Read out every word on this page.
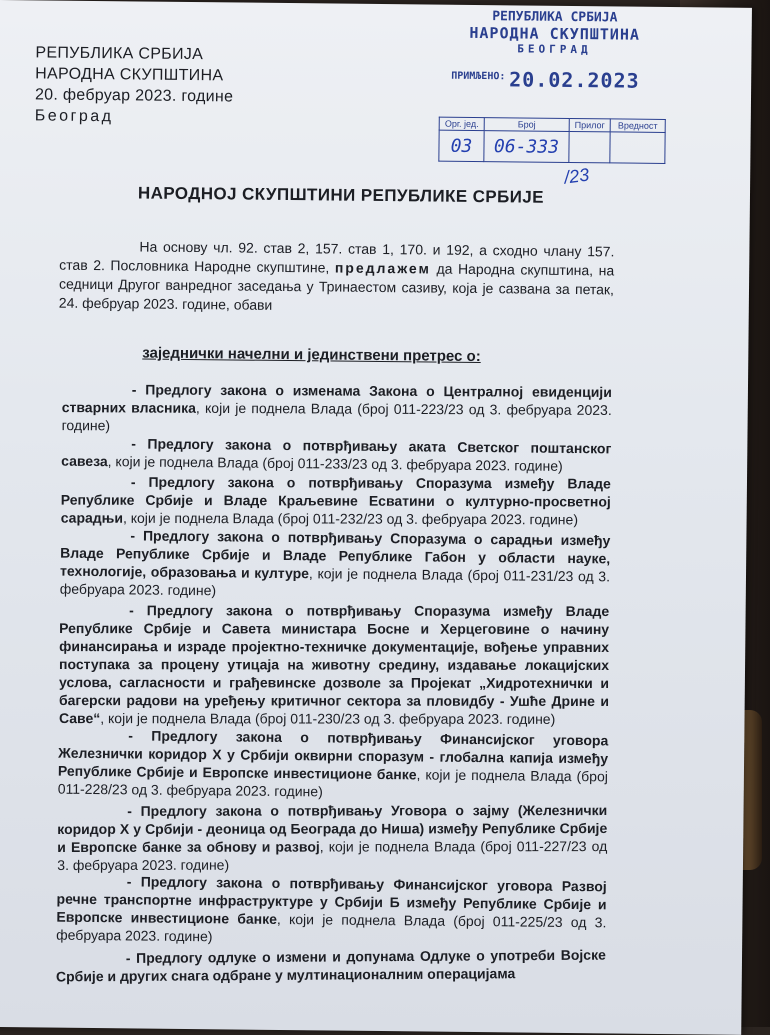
РЕПУБЛИКА СРБИЈА
НАРОДНА СКУПШТИНА
20. фебруар 2023. године
Београд
РЕПУБЛИКА СРБИЈА
НАРОДНА СКУПШТИНА
БЕОГРАД
ПРИМЉЕНО: 20.02.2023
Орг. јед.	Број	Прилог	Вредност
03	06-333		
/23
НАРОДНОЈ СКУПШТИНИ РЕПУБЛИКЕ СРБИЈЕ
На основу чл. 92. став 2, 157. став 1, 170. и 192, а сходно члану 157. став 2. Пословника Народне скупштине, предлажем да Народна скупштина, на седници Другог ванредног заседања у Тринаестом сазиву, која је сазвана за петак, 24. фебруар 2023. године, обави
заједнички начелни и јединствени претрес о:
- Предлогу закона о изменама Закона о Централној евиденцији стварних власника, који је поднела Влада (број 011-223/23 од 3. фебруара 2023. године)
- Предлогу закона о потврђивању аката Светског поштанског савеза, који је поднела Влада (број 011-233/23 од 3. фебруара 2023. године)
- Предлогу закона о потврђивању Споразума између Владе Републике Србије и Владе Краљевине Есватини о културно-просветној сарадњи, који је поднела Влада (број 011-232/23 од 3. фебруара 2023. године)
- Предлогу закона о потврђивању Споразума о сарадњи између Владе Републике Србије и Владе Републике Габон у области науке, технологије, образовања и културе, који је поднела Влада (број 011-231/23 од 3. фебруара 2023. године)
- Предлогу закона о потврђивању Споразума између Владе Републике Србије и Савета министара Босне и Херцеговине о начину финансирања и израде пројектно-техничке документације, вођење управних поступака за процену утицаја на животну средину, издавање локацијских услова, сагласности и грађевинске дозволе за Пројекат „Хидротехнички и багерски радови на уређењу критичног сектора за пловидбу - Ушће Дрине и Саве“, који је поднела Влада (број 011-230/23 од 3. фебруара 2023. године)
- Предлогу закона о потврђивању Финансијског уговора Железнички коридор X у Србији оквирни споразум - глобална капија између Републике Србије и Европске инвестиционе банке, који је поднела Влада (број 011-228/23 од 3. фебруара 2023. године)
- Предлогу закона о потврђивању Уговора о зајму (Железнички коридор X у Србији - деоница од Београда до Ниша) између Републике Србије и Европске банке за обнову и развој, који је поднела Влада (број 011-227/23 од 3. фебруара 2023. године)
- Предлогу закона о потврђивању Финансијског уговора Развој речне транспортне инфраструктуре у Србији Б између Републике Србије и Европске инвестиционе банке, који је поднела Влада (број 011-225/23 од 3. фебруара 2023. године)
- Предлогу одлуке о измени и допунама Одлуке о употреби Војске Србије и других снага одбране у мултинационалним операцијама
